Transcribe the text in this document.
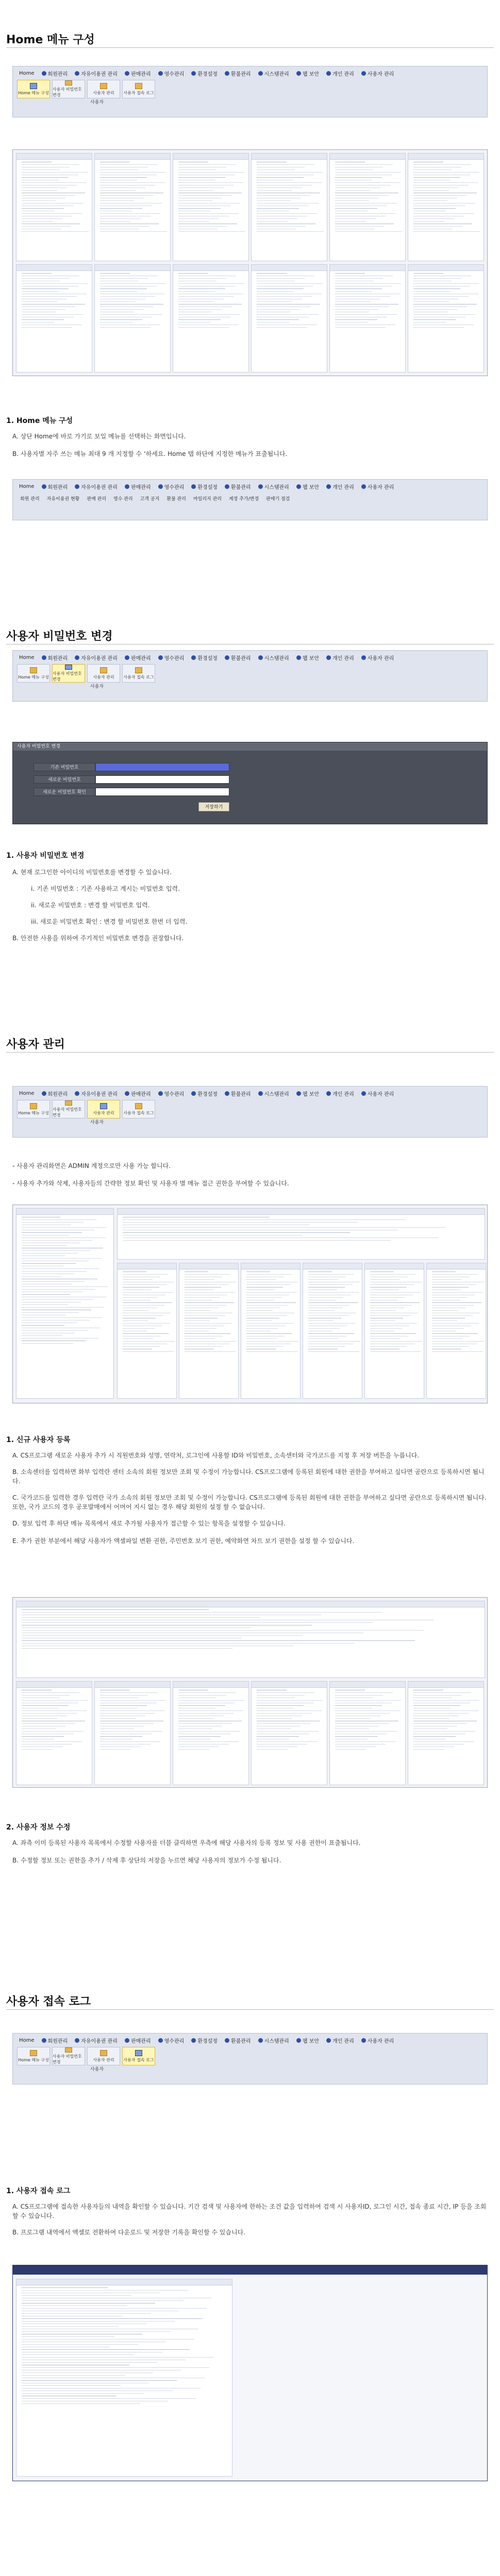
Home 메뉴 구성
Home	회원관리	자유이용권 관리	판매관리	영수관리	환경설정	환불관리	시스템관리	웹 보안	개인 관리	사용자 관리
Home 메뉴 구성
사용자 비밀번호 변경	사용자 관리 사용자 접속 로그
사용자
1. Home 메뉴 구성
A. 상단 Home에 바로 가기로 보일 메뉴를 선택하는 화면입니다.
B. 사용자별 자주 쓰는 메뉴 최대 9 개 지정할 수 ‘하세요. Home 탭 하단에 지정한 메뉴가 표출됩니다.
Home	회원관리	자유이용권 관리	판매관리	영수관리	환경설정	환불관리	시스템관리	웹 보안	개인 관리	사용자 관리
회원 관리 자유이용권 현황 판매 관리 영수 관리 고객 공지 환불 관리 마일리지 관리 계정 추가/변경 판매기 점검
사용자 비밀번호 변경
Home	회원관리	자유이용권 관리	판매관리	영수관리	환경설정	환불관리	시스템관리	웹 보안	개인 관리	사용자 관리
Home 메뉴 구성
사용자 비밀번호 변경	사용자 관리 사용자 접속 로그
사용자
사용자 비밀번호 변경
기존 비밀번호
새로운 비밀번호
새로운 비밀번호 확인
저장하기
1. 사용자 비밀번호 변경
A. 현재 로그인한 아이디의 비밀번호를 변경할 수 있습니다.
i. 기존 비밀번호 : 기존 사용하고 계시는 비밀번호 입력.
ii. 새로운 비밀번호 : 변경 할 비밀번호 입력.
iii. 새로운 비밀번호 확인 : 변경 할 비밀번호 한번 더 입력.
B. 안전한 사용을 위하여 주기적인 비밀번호 변경을 권장합니다.
사용자 관리
Home	회원관리	자유이용권 관리	판매관리	영수관리	환경설정	환불관리	시스템관리	웹 보안	개인 관리	사용자 관리
Home 메뉴 구성
사용자 비밀번호 변경	사용자 관리 사용자 접속 로그
사용자
- 사용자 관리화면은 ADMIN 계정으로만 사용 가능 합니다.
- 사용자 추가와 삭제, 사용자들의 간략한 정보 확인 및 사용자 별 메뉴 접근 권한을 부여할 수 있습니다.
1. 신규 사용자 등록
A. CS프로그램 새로운 사용자 추가 시 직원번호와 성명, 연락처, 로그인에 사용할 ID와 비밀번호, 소속센터와 국가코드를 지정 후 저장 버튼을 누릅니다.
B. 소속센터를 입력하면 화부 입력란 센터 소속의 회원 정보만 조회 및 수정이 가능합니다. CS프로그램에 등록된 회원에 대한 권한을 부여하고 싶다면 공란으로 등록하시면 됩니다.
C. 국가코드를 입력한 경우 입력란 국가 소속의 회원 정보만 조회 및 수정이 가능합니다. CS프로그램에 등록된 회원에 대한 권한을 부여하고 싶다면 공란으로 등록하시면 됩니다. 또한, 국가 코드의 경우 공포발매에서 어머어 지시 없는 경우 해당 회원의 설정 할 수 없습니다.
D. 정보 입력 후 하단 메뉴 목록에서 새로 추가될 사용자가 접근할 수 있는 항목을 설정할 수 있습니다.
E. 추가 권한 부분에서 해당 사용자가 액셀파일 변환 권한, 주민번호 보기 권한, 예약화면 차트 보기 권한을 설정 할 수 있습니다.
2. 사용자 정보 수정
A. 좌측 이미 등록된 사용자 목록에서 수정할 사용자를 더블 클릭하면 우측에 해당 사용자의 등록 정보 및 사용 권한이 표출됩니다.
B. 수정할 정보 또는 권한을 추가 / 삭제 후 상단의 저장을 누르면 해당 사용자의 정보가 수정 됩니다.
사용자 접속 로그
Home	회원관리	자유이용권 관리	판매관리	영수관리	환경설정	환불관리	시스템관리	웹 보안	개인 관리	사용자 관리
Home 메뉴 구성
사용자 비밀번호 변경	사용자 관리 사용자 접속 로그
사용자
1. 사용자 접속 로그
A. CS프로그램에 접속한 사용자들의 내역을 확인할 수 있습니다. 기간 검색 및 사용자에 한하는 조건 값을 입력하여 검색 시 사용자ID, 로그인 시간, 접속 종료 시간, IP 등을 조회할 수 있습니다.
B. 프로그램 내역에서 액셀로 전환하여 다운로드 및 저장한 기록을 확인할 수 있습니다.
